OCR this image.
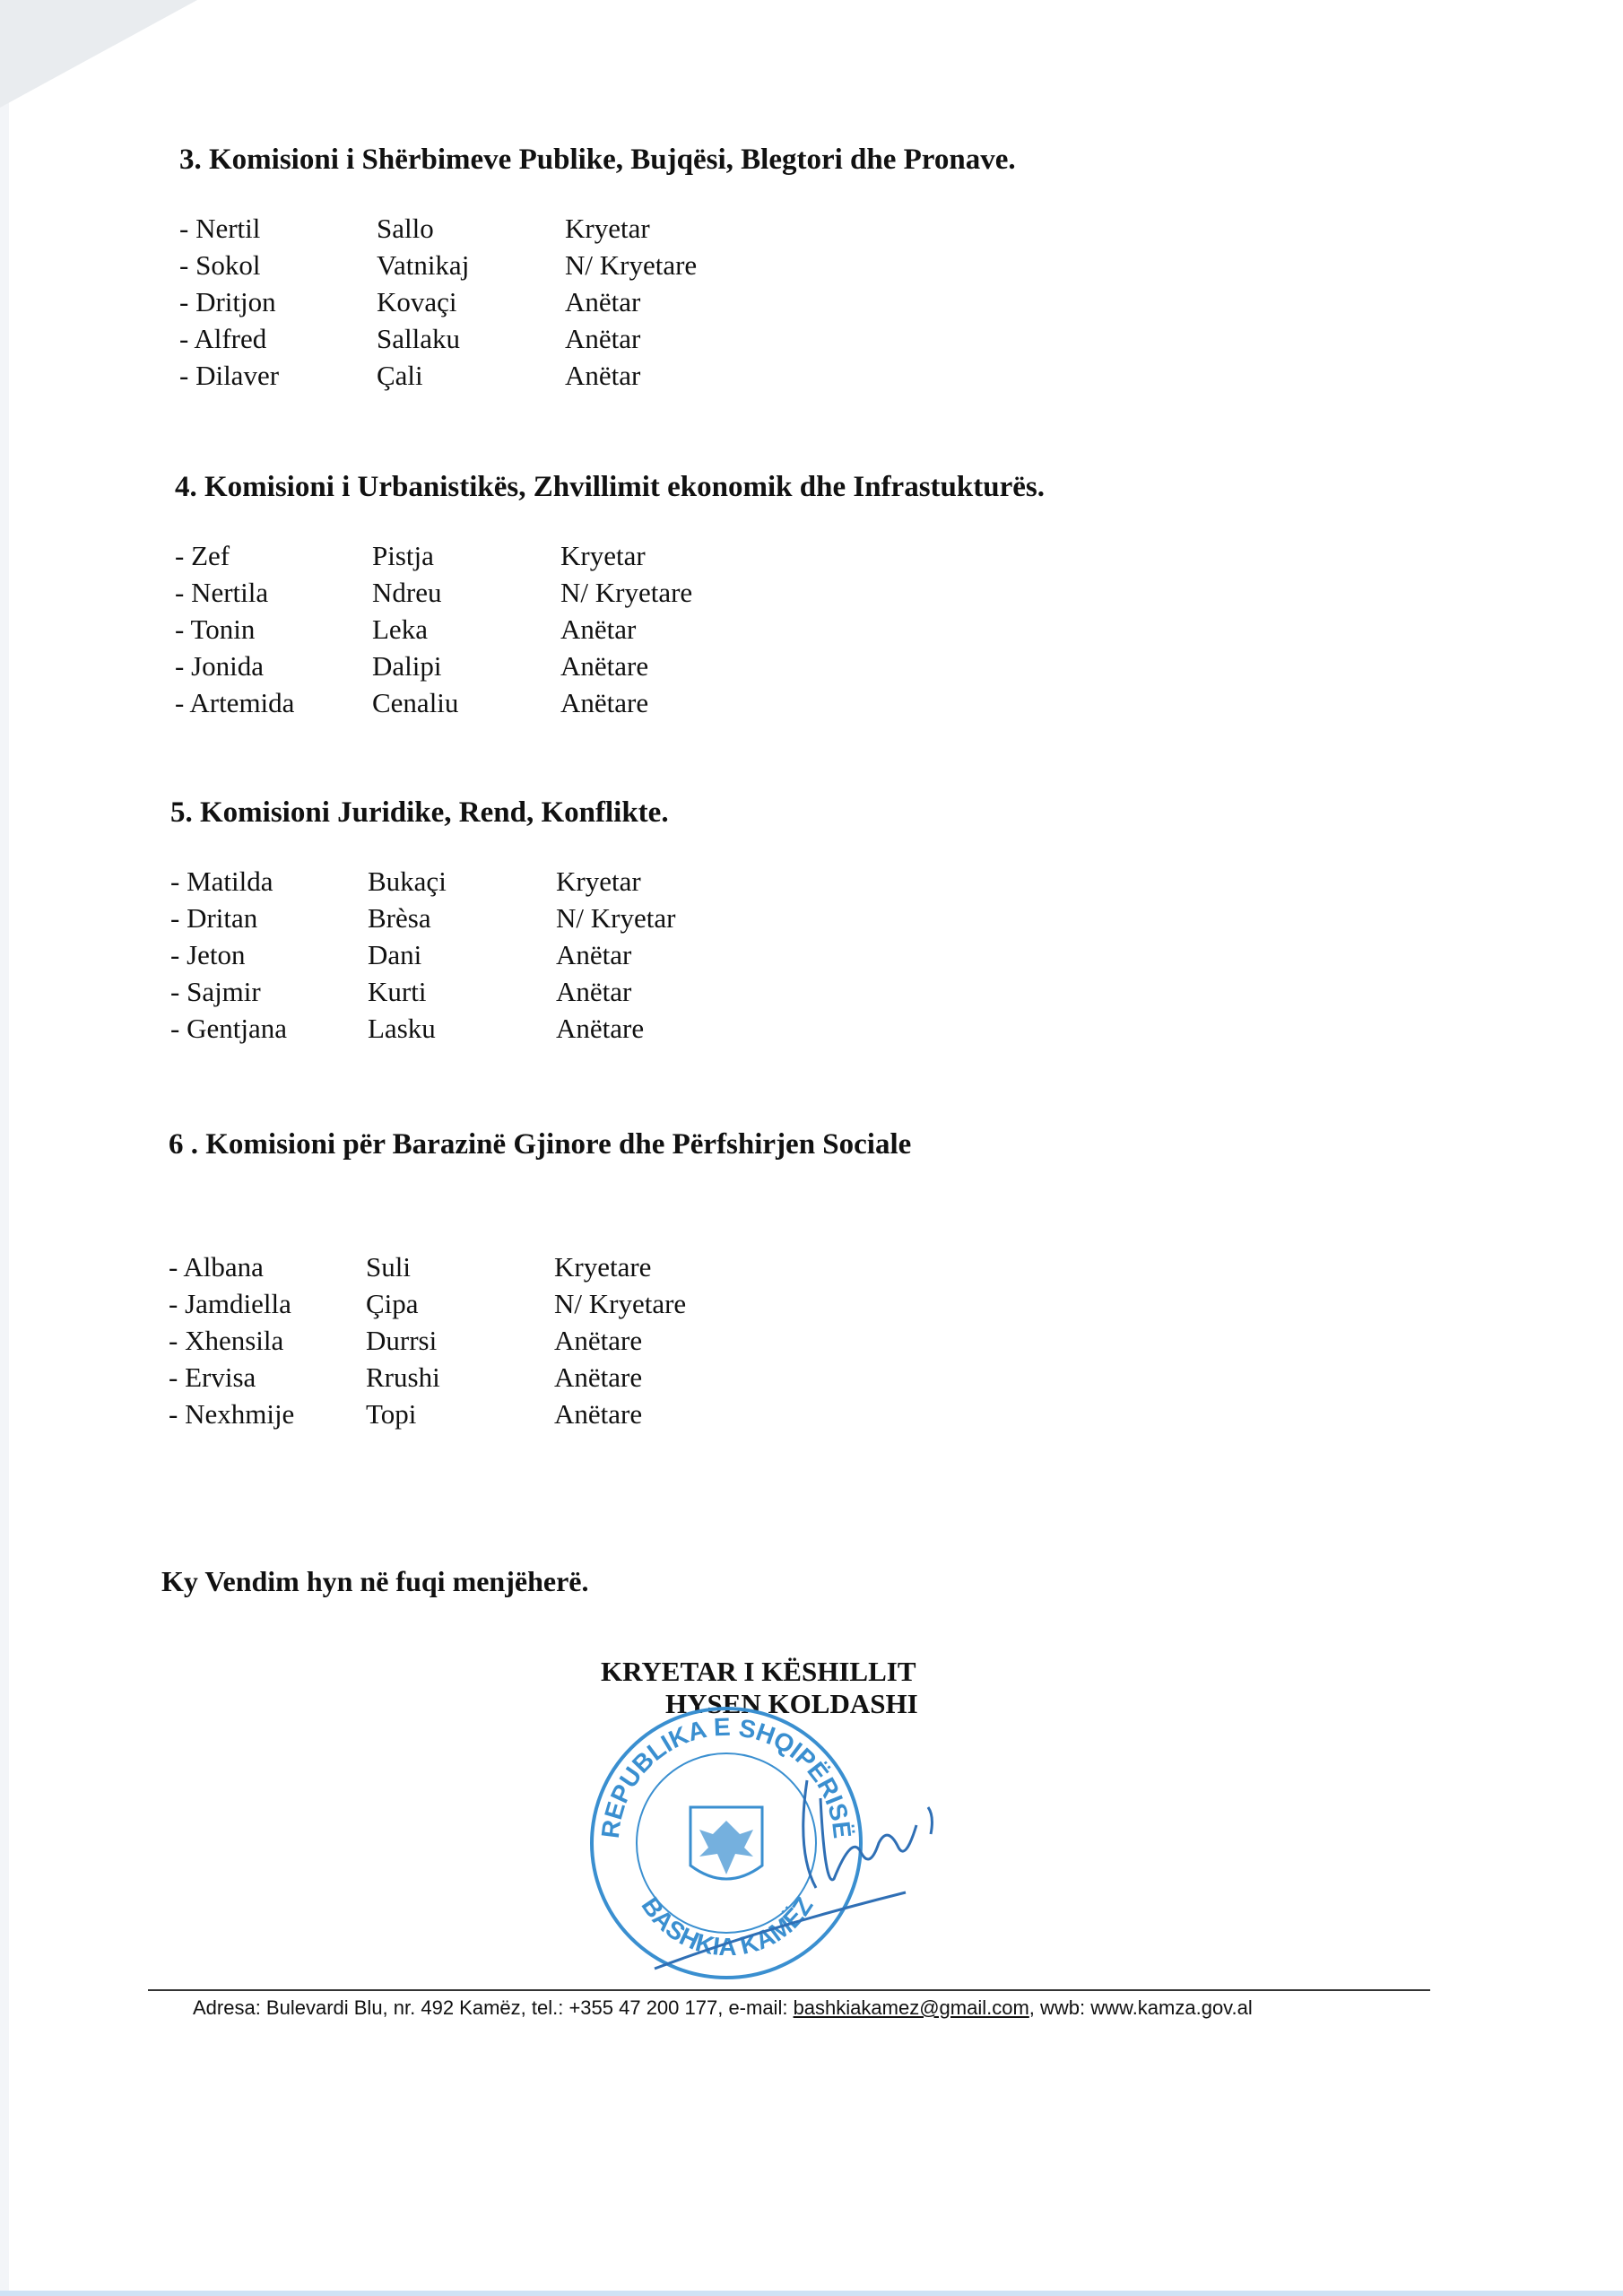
3. Komisioni i Shërbimeve Publike, Bujqësi, Blegtori dhe Pronave.
- Nertil	Sallo	Kryetar
- Sokol	Vatnikaj	N/ Kryetare
- Dritjon	Kovaçi	Anëtar
- Alfred	Sallaku	Anëtar
- Dilaver	Çali	Anëtar
4. Komisioni i Urbanistikës, Zhvillimit ekonomik dhe Infrastukturës.
- Zef	Pistja	Kryetar
- Nertila	Ndreu	N/ Kryetare
- Tonin	Leka	Anëtar
- Jonida	Dalipi	Anëtare
- Artemida	Cenaliu	Anëtare
5. Komisioni Juridike, Rend, Konflikte.
- Matilda	Bukaçi	Kryetar
- Dritan	Brèsa	N/ Kryetar
- Jeton	Dani	Anëtar
- Sajmir	Kurti	Anëtar
- Gentjana	Lasku	Anëtare
6 . Komisioni për Barazinë Gjinore dhe Përfshirjen Sociale
- Albana	Suli	Kryetare
- Jamdiella	Çipa	N/ Kryetare
- Xhensila	Durrsi	Anëtare
- Ervisa	Rrushi	Anëtare
- Nexhmije	Topi	Anëtare

Ky Vendim hyn në fuqi menjëherë.

KRYETAR I KËSHILLIT
HYSEN KOLDASHI
REPUBLIKA E SHQIPËRISË
BASHKIA KAMËZ
Adresa: Bulevardi Blu, nr. 492 Kamëz, tel.: +355 47 200 177, e-mail: bashkiakamez@gmail.com, wwb: www.kamza.gov.al
